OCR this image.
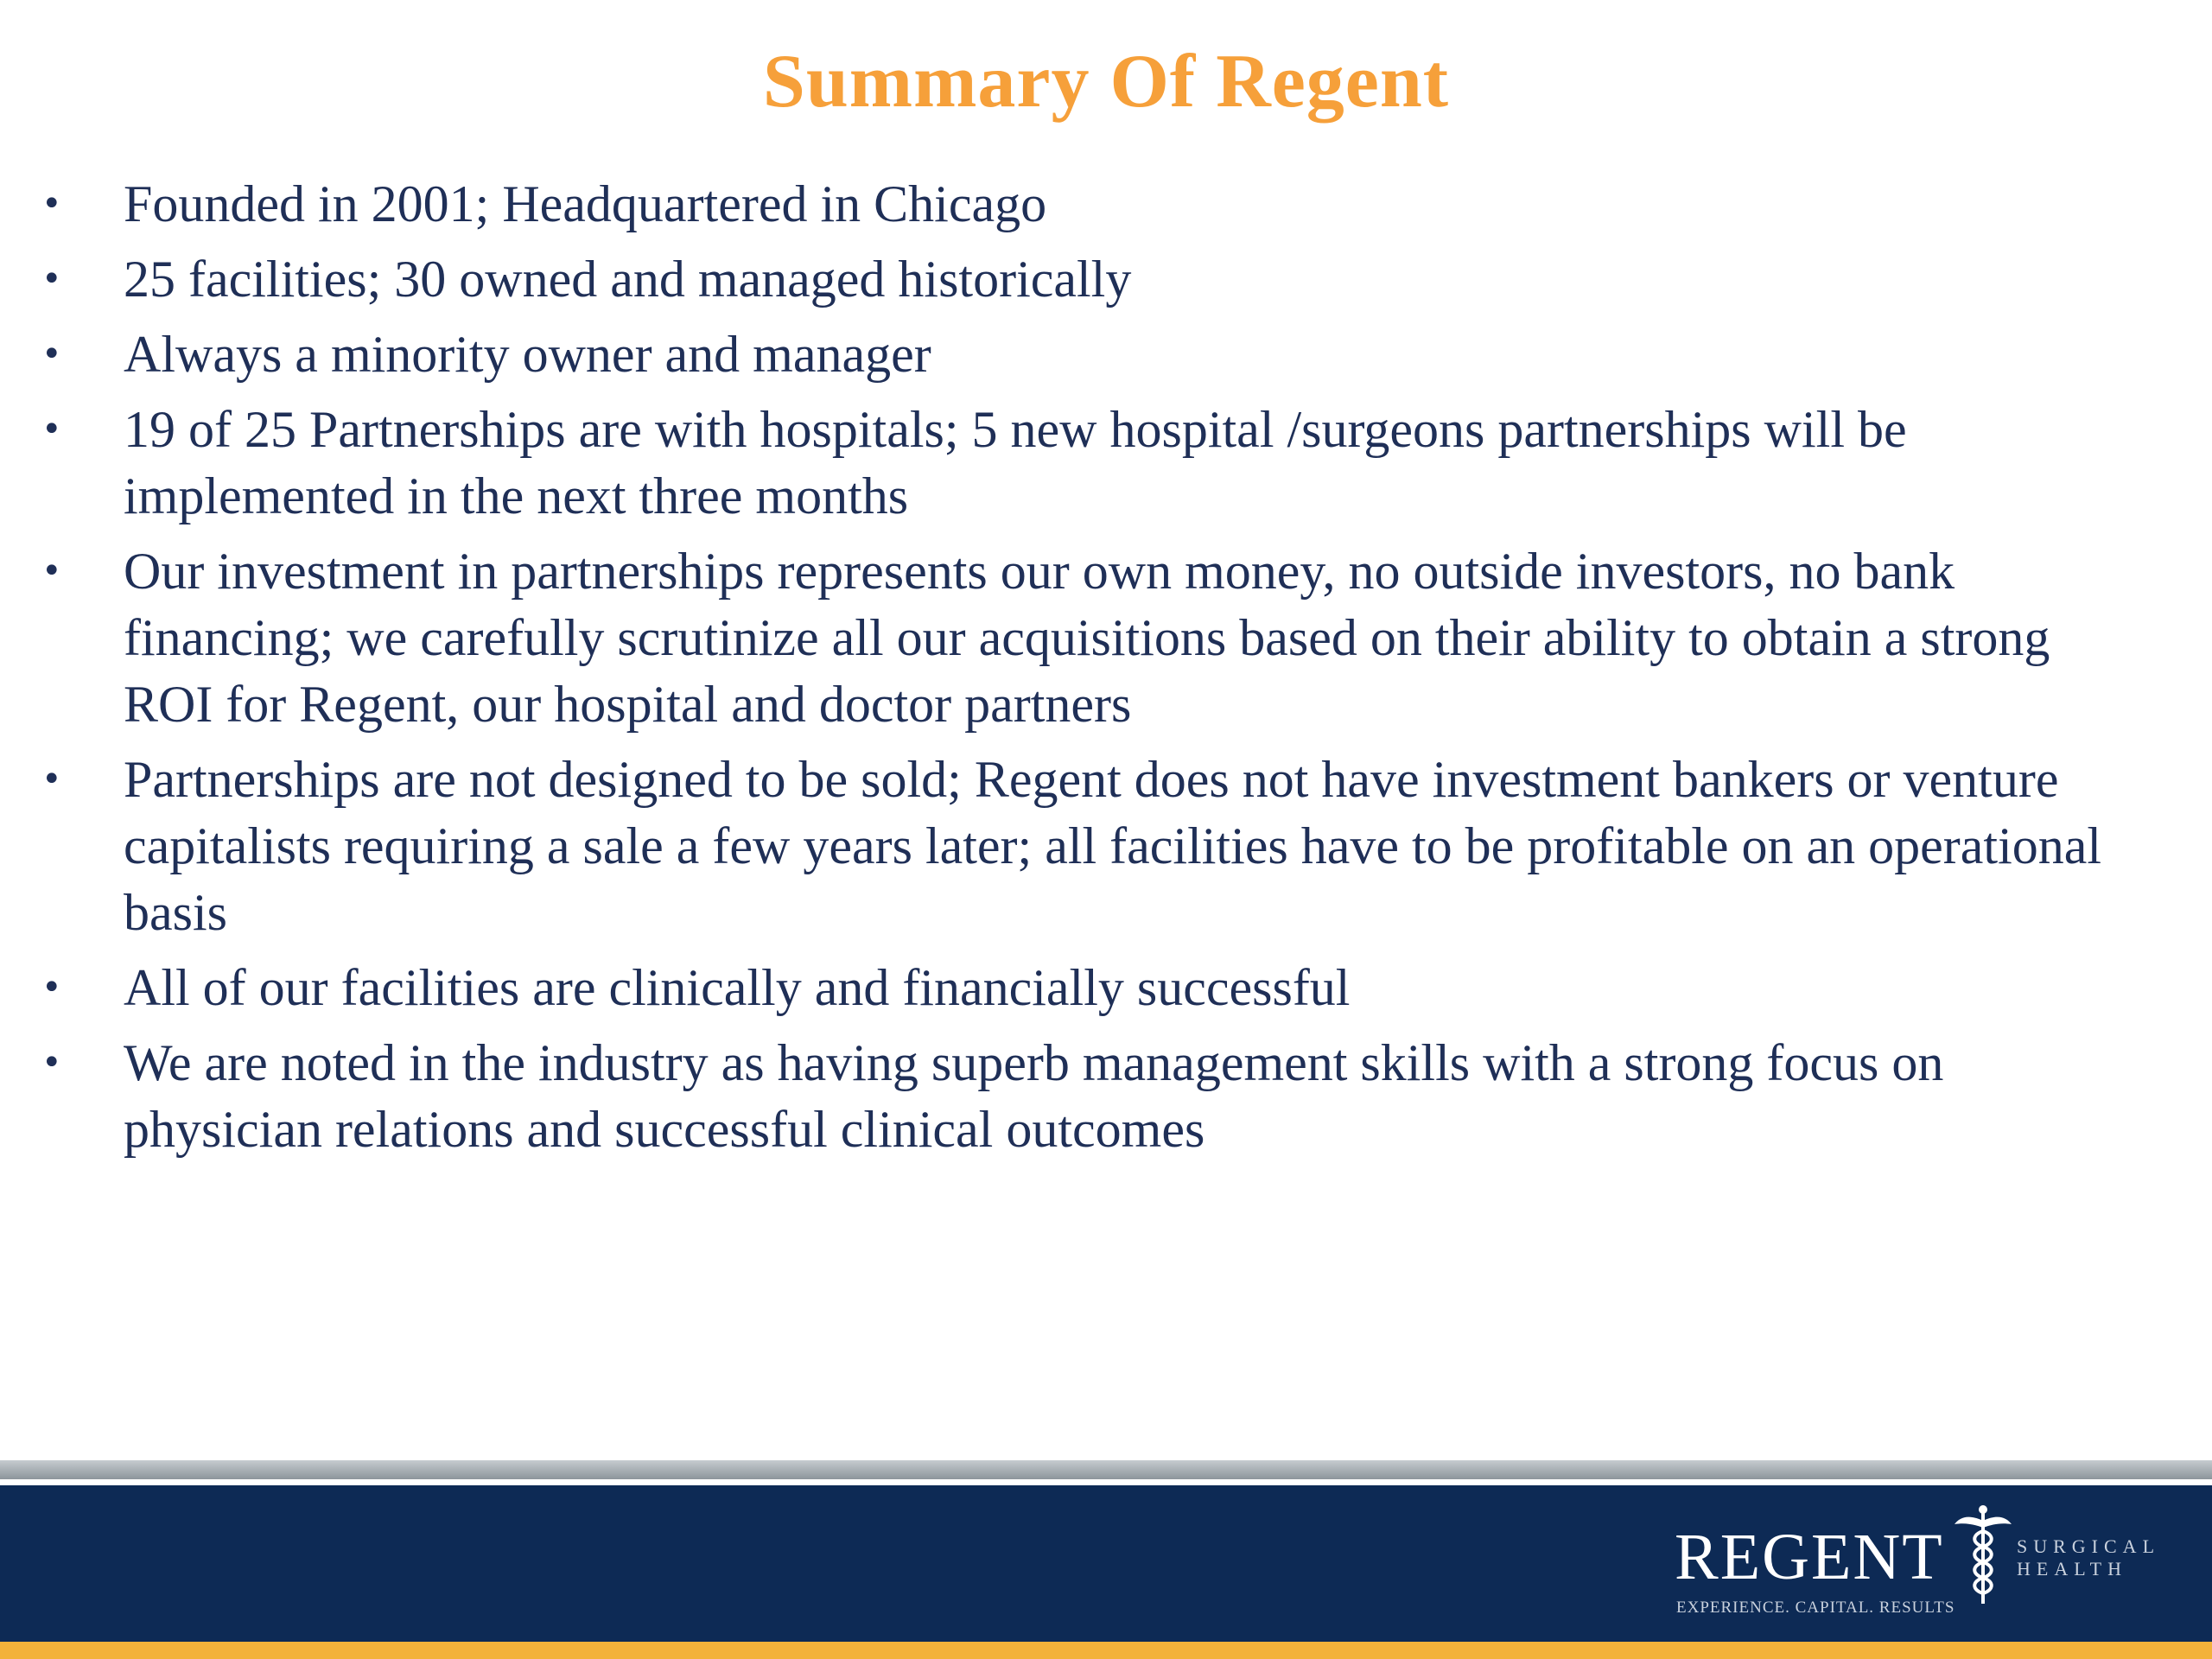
Summary Of Regent
• Founded in 2001; Headquartered in Chicago
• 25 facilities; 30 owned and managed historically
• Always a minority owner and manager
• 19 of 25 Partnerships are with hospitals; 5 new hospital /surgeons partnerships will be implemented in the next three months
• Our investment in partnerships represents our own money, no outside investors, no bank financing; we carefully scrutinize all our acquisitions based on their ability to obtain a strong ROI for Regent, our hospital and doctor partners
• Partnerships are not designed to be sold; Regent does not have investment bankers or venture capitalists requiring a sale a few years later; all facilities have to be profitable on an operational basis
• All of our facilities are clinically and financially successful
• We are noted in the industry as having superb management skills with a strong focus on physician relations and successful clinical outcomes
REGENT	SURGICAL
HEALTH
EXPERIENCE. CAPITAL. RESULTS
